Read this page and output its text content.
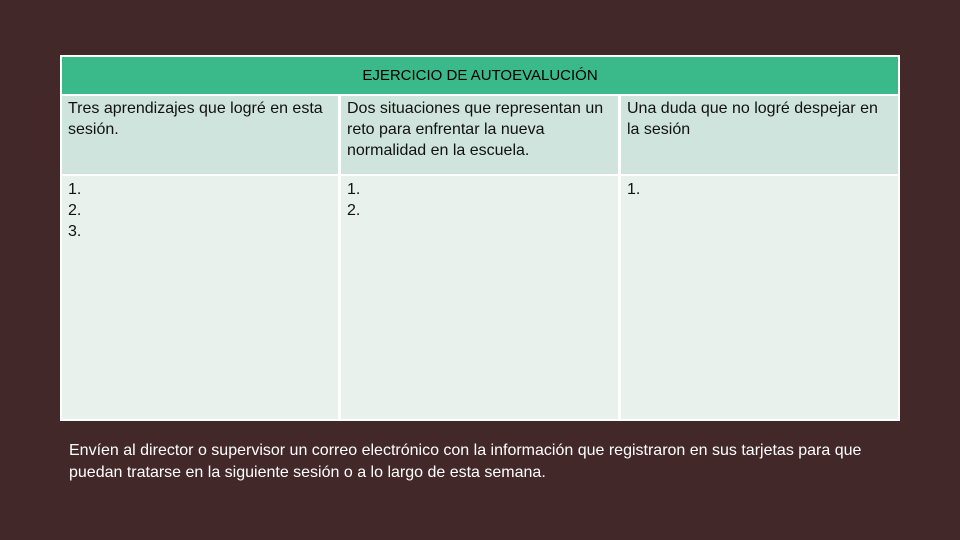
EJERCICIO DE AUTOEVALUCIÓN
Tres aprendizajes que logré en esta sesión.
Dos situaciones que representan un reto para enfrentar la nueva normalidad en la escuela.
Una duda que no logré despejar en la sesión
1.
2.
3.
1.
2.
1.
Envíen al director o supervisor un correo electrónico con la información que registraron en sus tarjetas para que puedan tratarse en la siguiente sesión o a lo largo de esta semana.
